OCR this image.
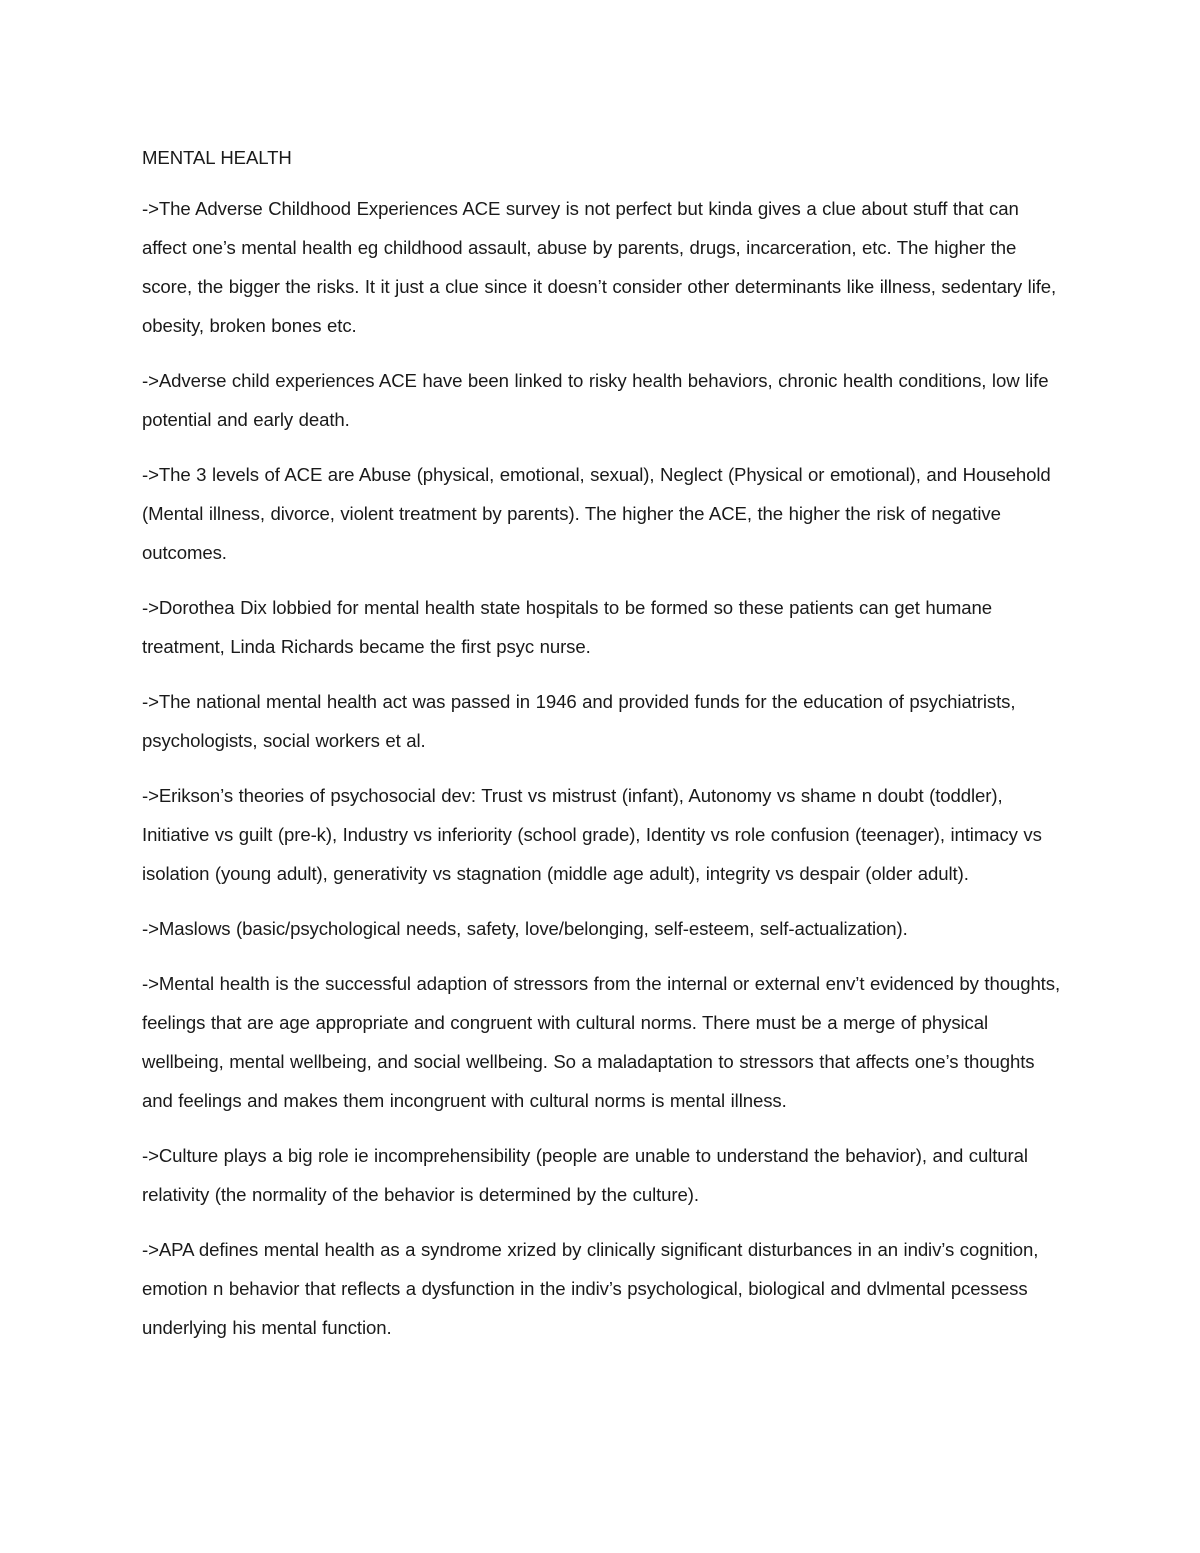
MENTAL HEALTH

->The Adverse Childhood Experiences ACE survey is not perfect but kinda gives a clue about stuff that can affect one’s mental health eg childhood assault, abuse by parents, drugs, incarceration, etc. The higher the score, the bigger the risks. It it just a clue since it doesn’t consider other determinants like illness, sedentary life, obesity, broken bones etc.

->Adverse child experiences ACE have been linked to risky health behaviors, chronic health conditions, low life potential and early death.

->The 3 levels of ACE are Abuse (physical, emotional, sexual), Neglect (Physical or emotional), and Household (Mental illness, divorce, violent treatment by parents). The higher the ACE, the higher the risk of negative outcomes.

->Dorothea Dix lobbied for mental health state hospitals to be formed so these patients can get humane treatment, Linda Richards became the first psyc nurse.

->The national mental health act was passed in 1946 and provided funds for the education of psychiatrists, psychologists, social workers et al.

->Erikson’s theories of psychosocial dev: Trust vs mistrust (infant), Autonomy vs shame n doubt (toddler), Initiative vs guilt (pre-k), Industry vs inferiority (school grade), Identity vs role confusion (teenager), intimacy vs isolation (young adult), generativity vs stagnation (middle age adult), integrity vs despair (older adult).

->Maslows (basic/psychological needs, safety, love/belonging, self-esteem, self-actualization).

->Mental health is the successful adaption of stressors from the internal or external env’t evidenced by thoughts, feelings that are age appropriate and congruent with cultural norms. There must be a merge of physical wellbeing, mental wellbeing, and social wellbeing. So a maladaptation to stressors that affects one’s thoughts and feelings and makes them incongruent with cultural norms is mental illness.

->Culture plays a big role ie incomprehensibility (people are unable to understand the behavior), and cultural relativity (the normality of the behavior is determined by the culture).

->APA defines mental health as a syndrome xrized by clinically significant disturbances in an indiv’s cognition, emotion n behavior that reflects a dysfunction in the indiv’s psychological, biological and dvlmental pcessess underlying his mental function.
